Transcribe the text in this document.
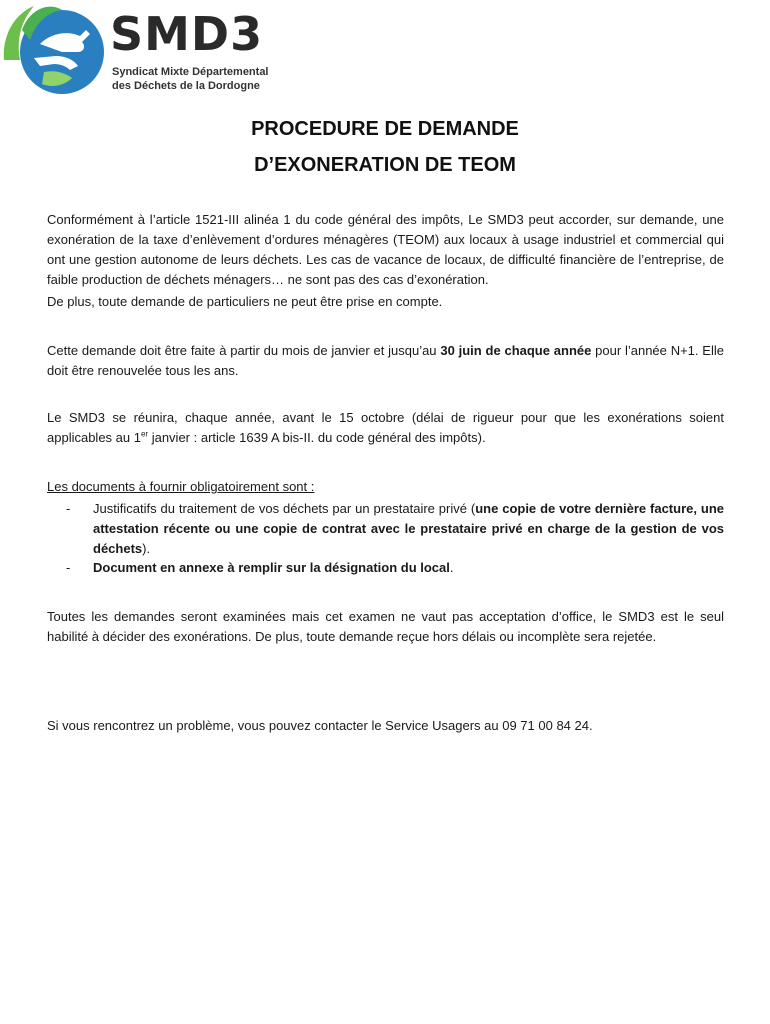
SMD3
Syndicat Mixte Départemental
des Déchets de la Dordogne
PROCEDURE DE DEMANDE
D’EXONERATION DE TEOM
Conformément à l’article 1521-III alinéa 1 du code général des impôts, Le SMD3 peut accorder, sur demande, une exonération de la taxe d’enlèvement d’ordures ménagères (TEOM) aux locaux à usage industriel et commercial qui ont une gestion autonome de leurs déchets. Les cas de vacance de locaux, de difficulté financière de l’entreprise, de faible production de déchets ménagers… ne sont pas des cas d’exonération.
De plus, toute demande de particuliers ne peut être prise en compte.
Cette demande doit être faite à partir du mois de janvier et jusqu’au 30 juin de chaque année pour l’année N+1. Elle doit être renouvelée tous les ans.
Le SMD3 se réunira, chaque année, avant le 15 octobre (délai de rigueur pour que les exonérations soient applicables au 1er janvier : article 1639 A bis-II. du code général des impôts).
Les documents à fournir obligatoirement sont :
- Justificatifs du traitement de vos déchets par un prestataire privé (une copie de votre dernière facture, une attestation récente ou une copie de contrat avec le prestataire privé en charge de la gestion de vos déchets).
- Document en annexe à remplir sur la désignation du local.
Toutes les demandes seront examinées mais cet examen ne vaut pas acceptation d’office, le SMD3 est le seul habilité à décider des exonérations. De plus, toute demande reçue hors délais ou incomplète sera rejetée.
Si vous rencontrez un problème, vous pouvez contacter le Service Usagers au 09 71 00 84 24.
